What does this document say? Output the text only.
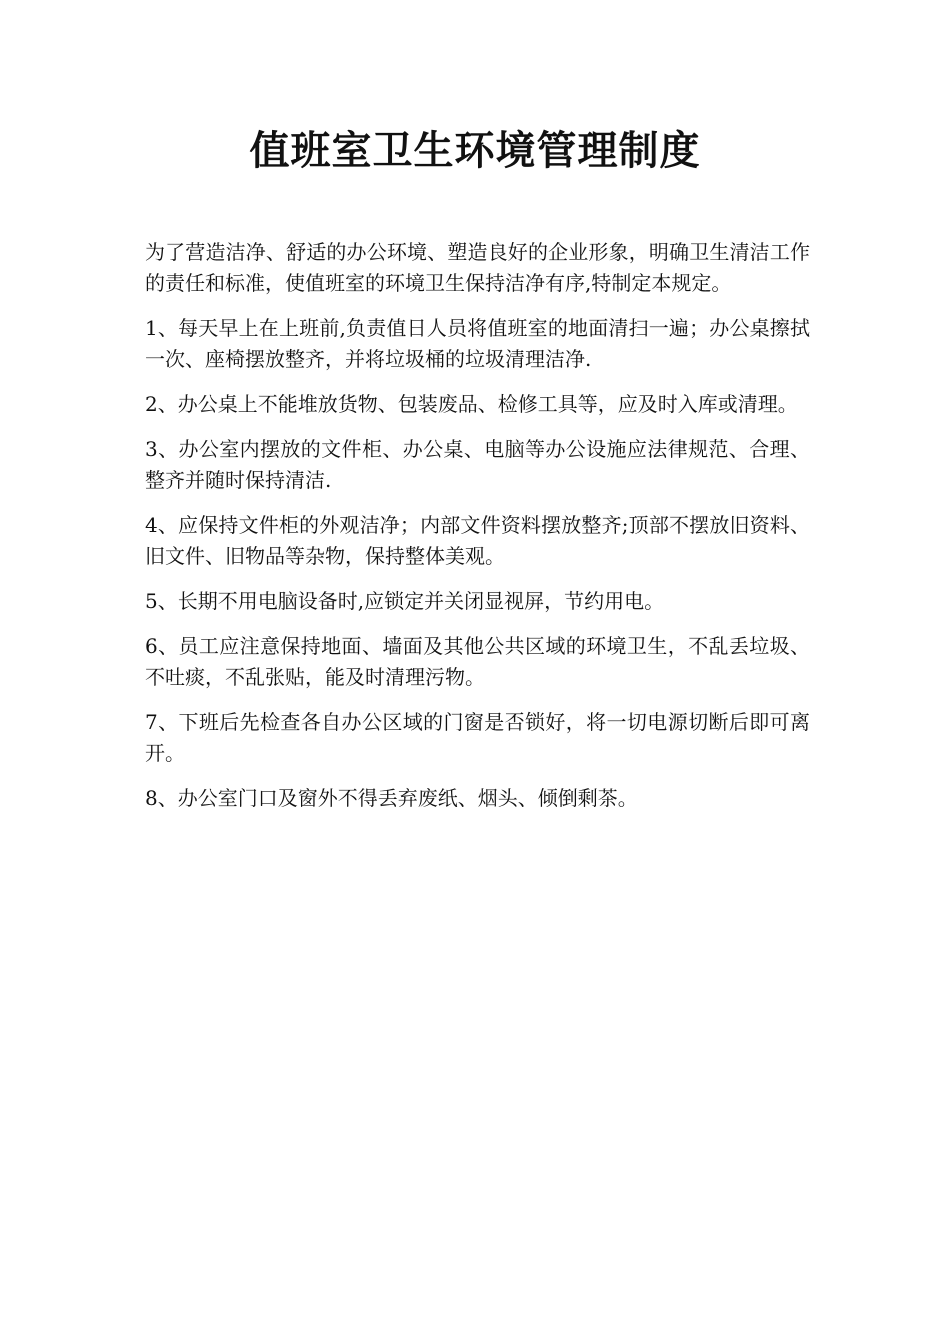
值班室卫生环境管理制度

为了营造洁净、舒适的办公环境、塑造良好的企业形象，明确卫生清洁工作的责任和标准，使值班室的环境卫生保持洁净有序,特制定本规定。

1、每天早上在上班前,负责值日人员将值班室的地面清扫一遍；办公桌擦拭一次、座椅摆放整齐，并将垃圾桶的垃圾清理洁净.

2、办公桌上不能堆放货物、包装废品、检修工具等，应及时入库或清理。

3、办公室内摆放的文件柜、办公桌、电脑等办公设施应法律规范、合理、整齐并随时保持清洁.

4、应保持文件柜的外观洁净；内部文件资料摆放整齐;顶部不摆放旧资料、旧文件、旧物品等杂物，保持整体美观。

5、长期不用电脑设备时,应锁定并关闭显视屏，节约用电。

6、员工应注意保持地面、墙面及其他公共区域的环境卫生，不乱丢垃圾、不吐痰，不乱张贴，能及时清理污物。

7、下班后先检查各自办公区域的门窗是否锁好，将一切电源切断后即可离开。

8、办公室门口及窗外不得丢弃废纸、烟头、倾倒剩茶。
